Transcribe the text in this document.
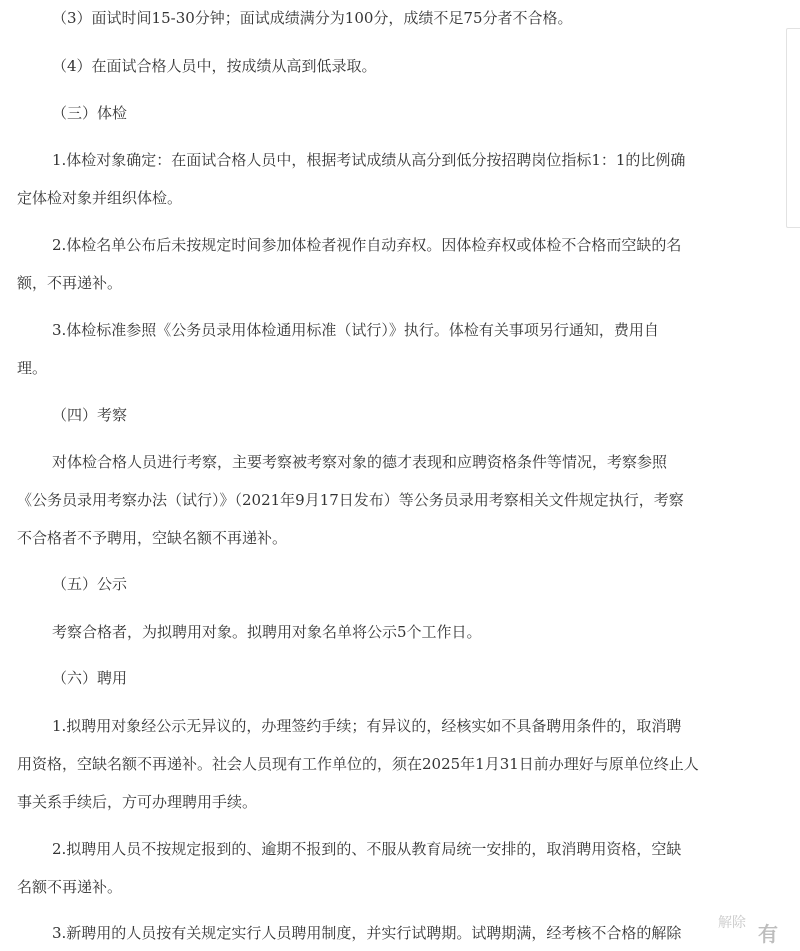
（3）面试时间15-30分钟；面试成绩满分为100分，成绩不足75分者不合格。
（4）在面试合格人员中，按成绩从高到低录取。
（三）体检
1.体检对象确定：在面试合格人员中，根据考试成绩从高分到低分按招聘岗位指标1：1的比例确
定体检对象并组织体检。
2.体检名单公布后未按规定时间参加体检者视作自动弃权。因体检弃权或体检不合格而空缺的名
额，不再递补。
3.体检标准参照《公务员录用体检通用标准（试行）》执行。体检有关事项另行通知，费用自
理。
（四）考察
对体检合格人员进行考察，主要考察被考察对象的德才表现和应聘资格条件等情况，考察参照
《公务员录用考察办法（试行）》（2021年9月17日发布）等公务员录用考察相关文件规定执行，考察
不合格者不予聘用，空缺名额不再递补。
（五）公示
考察合格者，为拟聘用对象。拟聘用对象名单将公示5个工作日。
（六）聘用
1.拟聘用对象经公示无异议的，办理签约手续；有异议的，经核实如不具备聘用条件的，取消聘
用资格，空缺名额不再递补。社会人员现有工作单位的，须在2025年1月31日前办理好与原单位终止人
事关系手续后，方可办理聘用手续。
2.拟聘用人员不按规定报到的、逾期不报到的、不服从教育局统一安排的，取消聘用资格，空缺
名额不再递补。
3.新聘用的人员按有关规定实行人员聘用制度，并实行试聘期。试聘期满，经考核不合格的解除
解除 有
